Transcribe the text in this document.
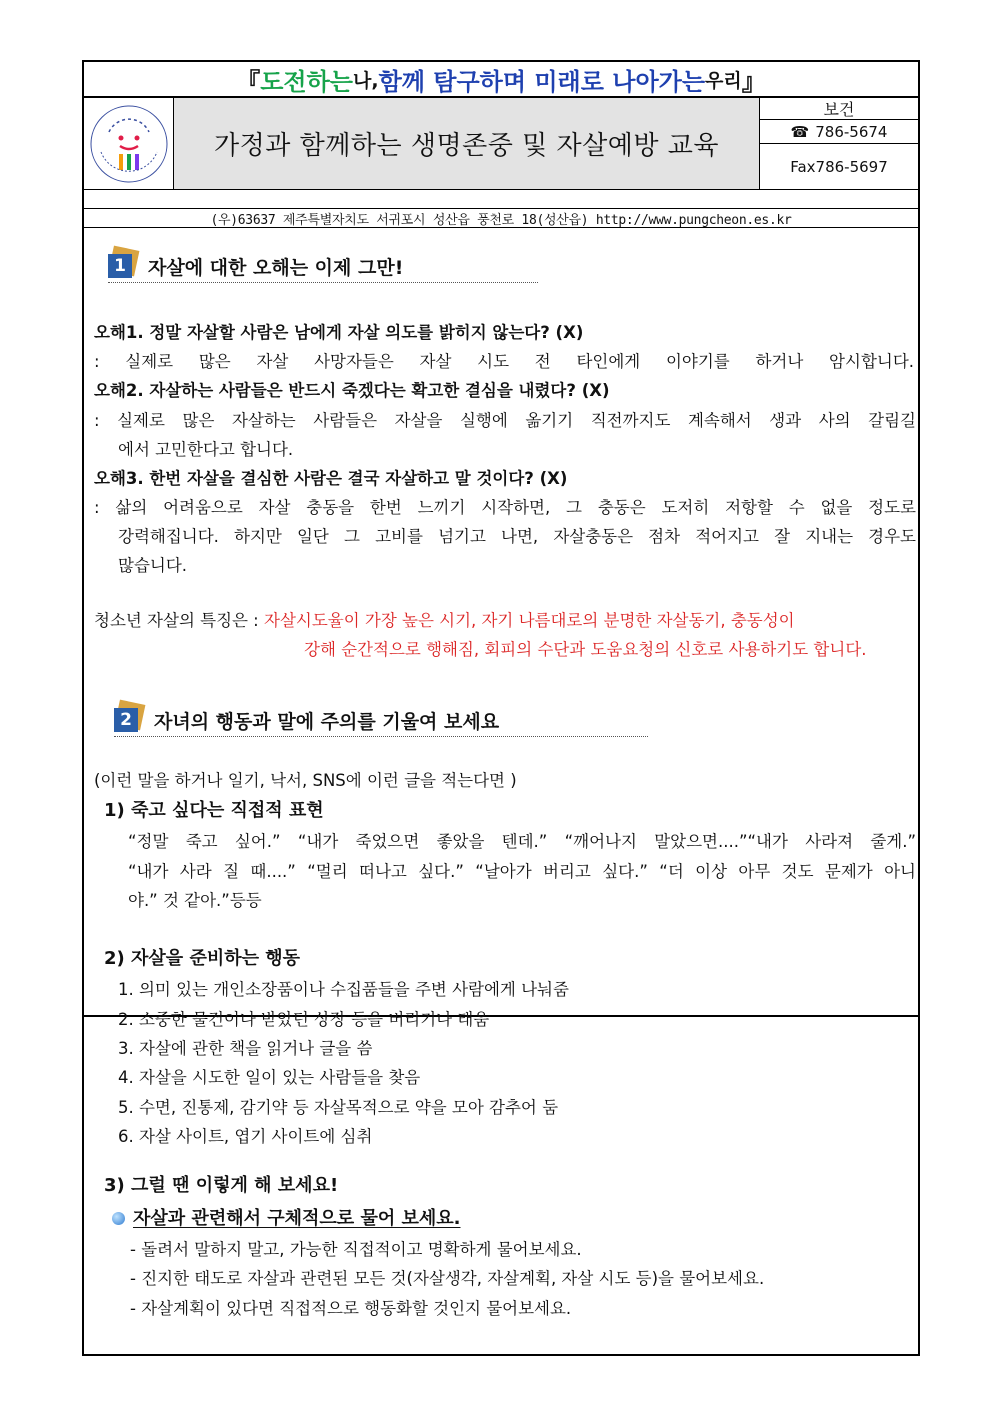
『 도전하는 나, 함께 탐구하며 미래로 나아가는 우리 』
가정과 함께하는 생명존중 및 자살예방 교육
보건
☎ 786-5674
Fax786-5697
(우)63637 제주특별자치도 서귀포시 성산읍 풍천로 18(성산읍) http://www.pungcheon.es.kr
1	자살에 대한 오해는 이제 그만!
오해1. 정말 자살할 사람은 남에게 자살 의도를 밝히지 않는다? (X)
: 실제로 많은 자살 사망자들은 자살 시도 전 타인에게 이야기를 하거나 암시합니다.
오해2. 자살하는 사람들은 반드시 죽겠다는 확고한 결심을 내렸다? (X)
: 실제로 많은 자살하는 사람들은 자살을 실행에 옮기기 직전까지도 계속해서 생과 사의 갈림길
에서 고민한다고 합니다.
오해3. 한번 자살을 결심한 사람은 결국 자살하고 말 것이다? (X)
: 삶의 어려움으로 자살 충동을 한번 느끼기 시작하면, 그 충동은 도저히 저항할 수 없을 정도로
강력해집니다. 하지만 일단 그 고비를 넘기고 나면, 자살충동은 점차 적어지고 잘 지내는 경우도
많습니다.
청소년 자살의 특징은 : 자살시도율이 가장 높은 시기, 자기 나름대로의 분명한 자살동기, 충동성이
강해 순간적으로 행해짐, 회피의 수단과 도움요청의 신호로 사용하기도 합니다.
2	자녀의 행동과 말에 주의를 기울여 보세요
(이런 말을 하거나 일기, 낙서, SNS에 이런 글을 적는다면 )
1) 죽고 싶다는 직접적 표현
“정말 죽고 싶어.” “내가 죽었으면 좋았을 텐데.” “깨어나지 말았으면....”“내가 사라져 줄게.”
“내가 사라 질 때....” “멀리 떠나고 싶다.” “날아가 버리고 싶다.” “더 이상 아무 것도 문제가 아니
야.” 것 같아.”등등
2) 자살을 준비하는 행동
1. 의미 있는 개인소장품이나 수집품들을 주변 사람에게 나눠줌
2. 소중한 물건이나 받았던 상장 등을 버리기나 태움
3. 자살에 관한 책을 읽거나 글을 씀
4. 자살을 시도한 일이 있는 사람들을 찾음
5. 수면, 진통제, 감기약 등 자살목적으로 약을 모아 감추어 둠
6. 자살 사이트, 엽기 사이트에 심취
3) 그럴 땐 이렇게 해 보세요!
자살과 관련해서 구체적으로 물어 보세요.
- 돌려서 말하지 말고, 가능한 직접적이고 명확하게 물어보세요.
- 진지한 태도로 자살과 관련된 모든 것(자살생각, 자살계획, 자살 시도 등)을 물어보세요.
- 자살계획이 있다면 직접적으로 행동화할 것인지 물어보세요.
